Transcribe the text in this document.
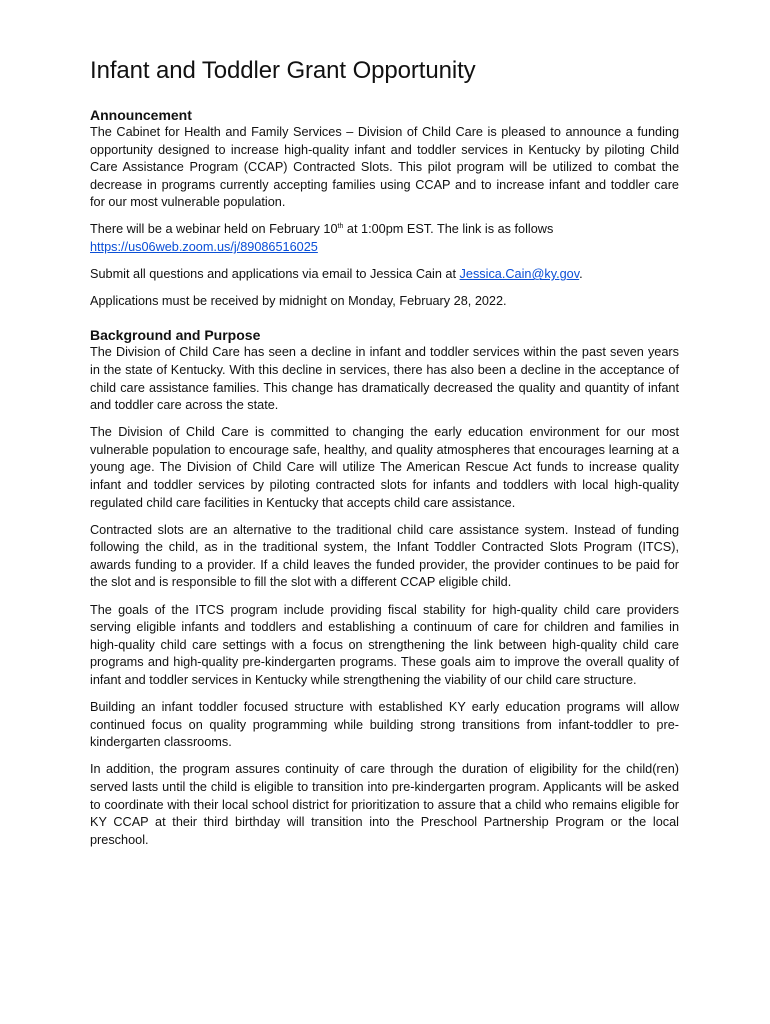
Infant and Toddler Grant Opportunity
Announcement

The Cabinet for Health and Family Services – Division of Child Care is pleased to announce a funding opportunity designed to increase high-quality infant and toddler services in Kentucky by piloting Child Care Assistance Program (CCAP) Contracted Slots. This pilot program will be utilized to combat the decrease in programs currently accepting families using CCAP and to increase infant and toddler care for our most vulnerable population.

There will be a webinar held on February 10th at 1:00pm EST. The link is as follows
https://us06web.zoom.us/j/89086516025

Submit all questions and applications via email to Jessica Cain at Jessica.Cain@ky.gov.

Applications must be received by midnight on Monday, February 28, 2022.

Background and Purpose

The Division of Child Care has seen a decline in infant and toddler services within the past seven years in the state of Kentucky. With this decline in services, there has also been a decline in the acceptance of child care assistance families. This change has dramatically decreased the quality and quantity of infant and toddler care across the state.

The Division of Child Care is committed to changing the early education environment for our most vulnerable population to encourage safe, healthy, and quality atmospheres that encourages learning at a young age. The Division of Child Care will utilize The American Rescue Act funds to increase quality infant and toddler services by piloting contracted slots for infants and toddlers with local high-quality regulated child care facilities in Kentucky that accepts child care assistance.

Contracted slots are an alternative to the traditional child care assistance system. Instead of funding following the child, as in the traditional system, the Infant Toddler Contracted Slots Program (ITCS), awards funding to a provider. If a child leaves the funded provider, the provider continues to be paid for the slot and is responsible to fill the slot with a different CCAP eligible child.

The goals of the ITCS program include providing fiscal stability for high-quality child care providers serving eligible infants and toddlers and establishing a continuum of care for children and families in high-quality child care settings with a focus on strengthening the link between high-quality child care programs and high-quality pre-kindergarten programs. These goals aim to improve the overall quality of infant and toddler services in Kentucky while strengthening the viability of our child care structure.

Building an infant toddler focused structure with established KY early education programs will allow continued focus on quality programming while building strong transitions from infant-toddler to pre-kindergarten classrooms.

In addition, the program assures continuity of care through the duration of eligibility for the child(ren) served lasts until the child is eligible to transition into pre-kindergarten program. Applicants will be asked to coordinate with their local school district for prioritization to assure that a child who remains eligible for KY CCAP at their third birthday will transition into the Preschool Partnership Program or the local preschool.
